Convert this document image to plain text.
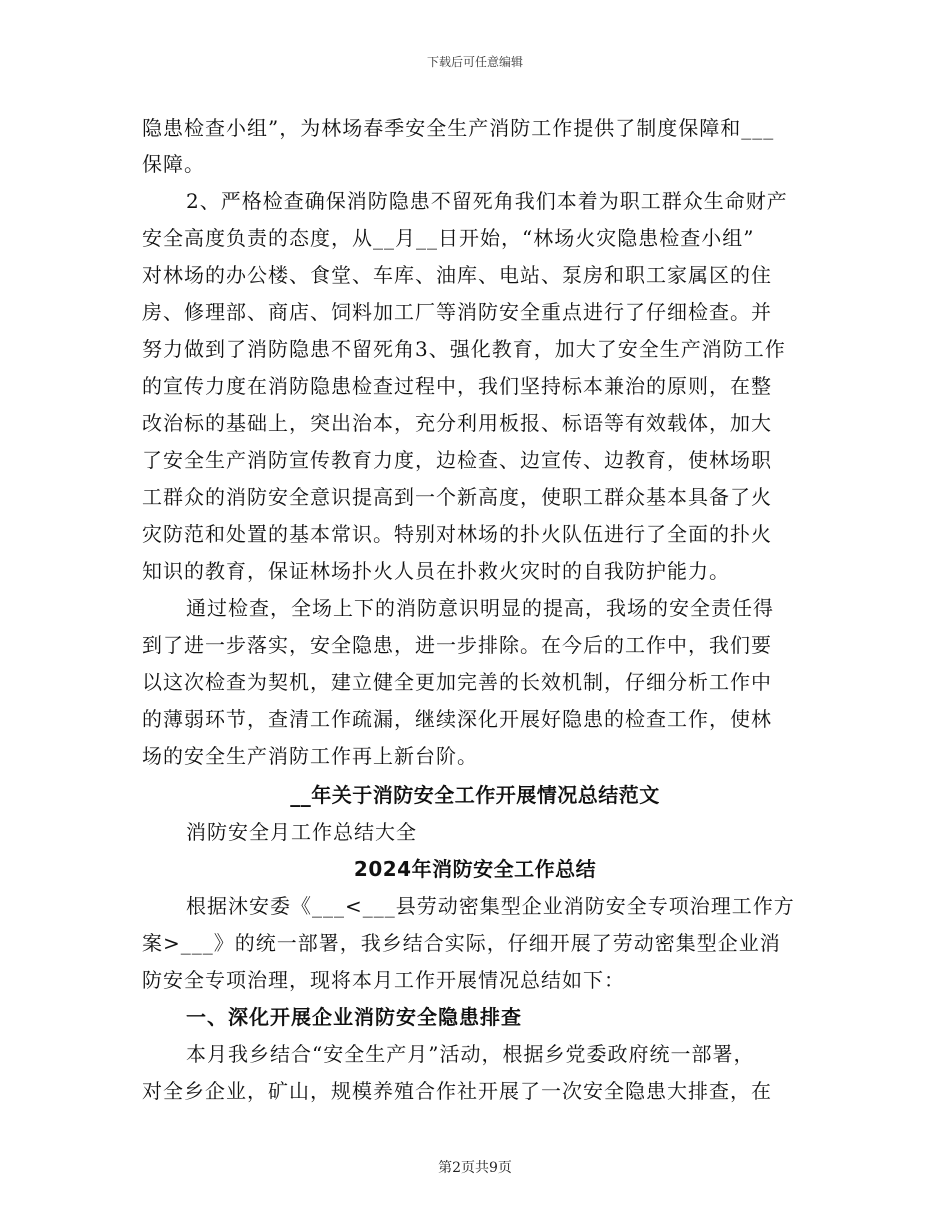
下载后可任意编辑
隐患检查小组”，为林场春季安全生产消防工作提供了制度保障和___
保障。
2、严格检查确保消防隐患不留死角我们本着为职工群众生命财产
安全高度负责的态度，从__月__日开始，“林场火灾隐患检查小组”
对林场的办公楼、食堂、车库、油库、电站、泵房和职工家属区的住
房、修理部、商店、饲料加工厂等消防安全重点进行了仔细检查。并
努力做到了消防隐患不留死角3、强化教育，加大了安全生产消防工作
的宣传力度在消防隐患检查过程中，我们坚持标本兼治的原则，在整
改治标的基础上，突出治本，充分利用板报、标语等有效载体，加大
了安全生产消防宣传教育力度，边检查、边宣传、边教育，使林场职
工群众的消防安全意识提高到一个新高度，使职工群众基本具备了火
灾防范和处置的基本常识。特别对林场的扑火队伍进行了全面的扑火
知识的教育，保证林场扑火人员在扑救火灾时的自我防护能力。
通过检查，全场上下的消防意识明显的提高，我场的安全责任得
到了进一步落实，安全隐患，进一步排除。在今后的工作中，我们要
以这次检查为契机，建立健全更加完善的长效机制，仔细分析工作中
的薄弱环节，查清工作疏漏，继续深化开展好隐患的检查工作，使林
场的安全生产消防工作再上新台阶。
__年关于消防安全工作开展情况总结范文
消防安全月工作总结大全
2024年消防安全工作总结
根据沐安委《___<___县劳动密集型企业消防安全专项治理工作方
案>___》的统一部署，我乡结合实际，仔细开展了劳动密集型企业消
防安全专项治理，现将本月工作开展情况总结如下：
一、深化开展企业消防安全隐患排查
本月我乡结合“安全生产月”活动，根据乡党委政府统一部署，
对全乡企业，矿山，规模养殖合作社开展了一次安全隐患大排查，在
第2页共9页
